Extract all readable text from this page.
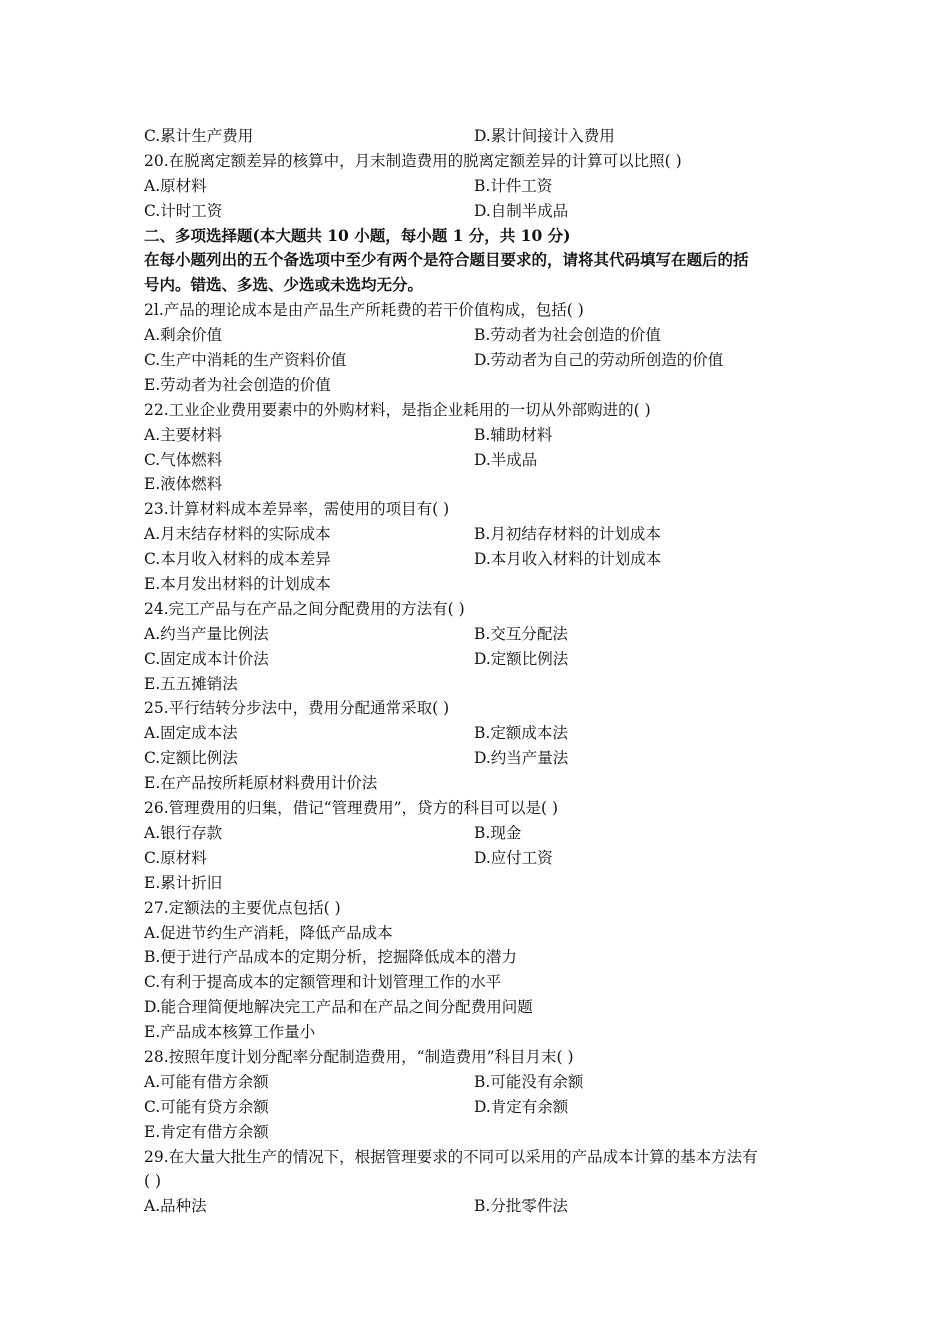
C.累计生产费用	D.累计间接计入费用
20.在脱离定额差异的核算中，月末制造费用的脱离定额差异的计算可以比照( )
A.原材料	B.计件工资
C.计时工资	D.自制半成品
二、多项选择题(本大题共 10 小题，每小题 1 分，共 10 分)
在每小题列出的五个备选项中至少有两个是符合题目要求的，请将其代码填写在题后的括
号内。错选、多选、少选或未选均无分。
2l.产品的理论成本是由产品生产所耗费的若干价值构成，包括( )
A.剩余价值	B.劳动者为社会创造的价值
C.生产中消耗的生产资料价值	D.劳动者为自己的劳动所创造的价值
E.劳动者为社会创造的价值
22.工业企业费用要素中的外购材料，是指企业耗用的一切从外部购进的( )
A.主要材料	B.辅助材料
C.气体燃料	D.半成品
E.液体燃料
23.计算材料成本差异率，需使用的项目有( )
A.月末结存材料的实际成本	B.月初结存材料的计划成本
C.本月收入材料的成本差异	D.本月收入材料的计划成本
E.本月发出材料的计划成本
24.完工产品与在产品之间分配费用的方法有( )
A.约当产量比例法	B.交互分配法
C.固定成本计价法	D.定额比例法
E.五五摊销法
25.平行结转分步法中，费用分配通常采取( )
A.固定成本法	B.定额成本法
C.定额比例法	D.约当产量法
E.在产品按所耗原材料费用计价法
26.管理费用的归集，借记“管理费用”，贷方的科目可以是( )
A.银行存款	B.现金
C.原材料	D.应付工资
E.累计折旧
27.定额法的主要优点包括( )
A.促进节约生产消耗，降低产品成本
B.便于进行产品成本的定期分析，挖掘降低成本的潜力
C.有利于提高成本的定额管理和计划管理工作的水平
D.能合理简便地解决完工产品和在产品之间分配费用问题
E.产品成本核算工作量小
28.按照年度计划分配率分配制造费用，“制造费用”科目月末( )
A.可能有借方余额	B.可能没有余额
C.可能有贷方余额	D.肯定有余额
E.肯定有借方余额
29.在大量大批生产的情况下，根据管理要求的不同可以采用的产品成本计算的基本方法有
( )
A.品种法	B.分批零件法
